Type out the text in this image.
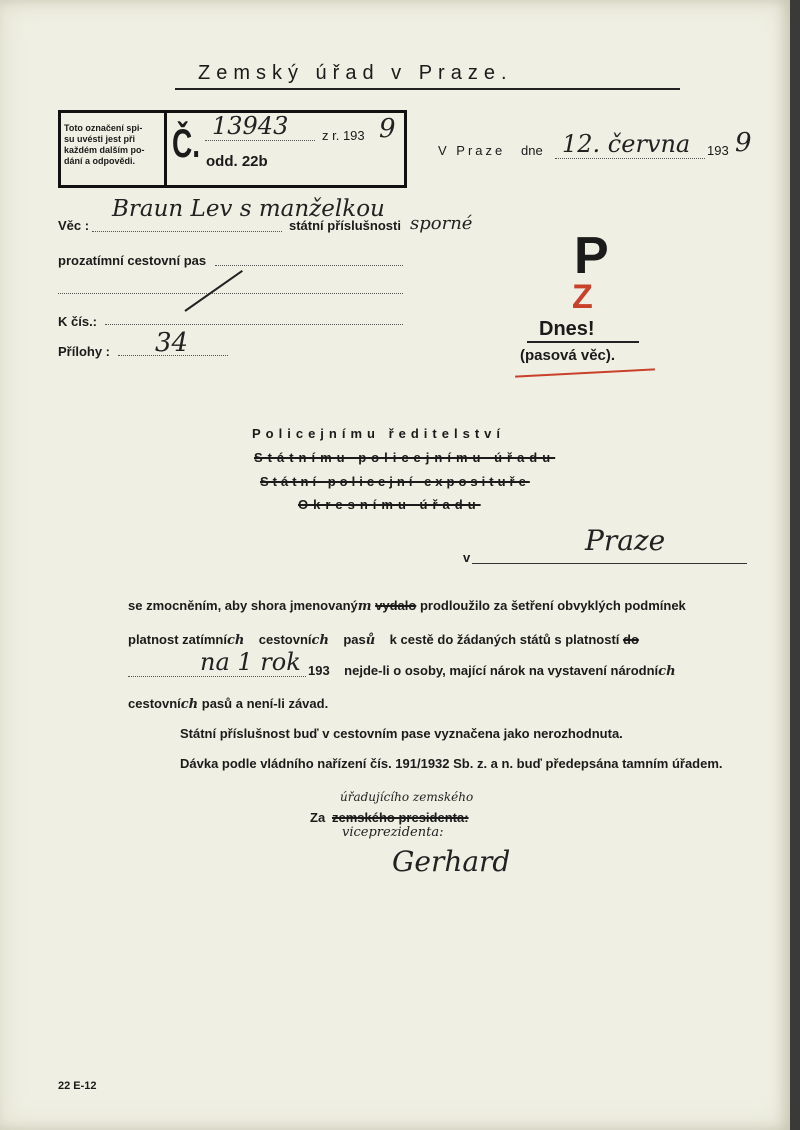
Zemský úřad v Praze.
Toto označení spi-
su uvésti jest při
každém dalším po-
dání a odpovědi. Č. 13943	z r. 193 9
odd. 22b
V Praze dne 12. června 193 9
Věc :
Braun Lev s manželkou
státní příslušnosti sporné
prozatímní cestovní pas
K čís.:
Přílohy : 34
P
Z
Dnes!
(pasová věc).
Policejnímu ředitelství
Státnímu policejnímu úřadu
Státní policejní exposituře
Okresnímu úřadu
v
Praze
se zmocněním, aby shora jmenovaným vydalo prodloužilo za šetření obvyklých podmínek
platnost zatímních cestovních pasů k cestě do žádaných států s platností do
na 1 rok 193 nejde-li o osoby, mající nárok na vystavení národních
cestovních pasů a není-li závad.
Státní příslušnost buď v cestovním pase vyznačena jako nerozhodnuta.
Dávka podle vládního nařízení čís. 191/1932 Sb. z. a n. buď předepsána tamním úřadem.
Za
úřadujícího zemského
zemského presidenta:
viceprezidenta:
Gerhard
22 E-12
